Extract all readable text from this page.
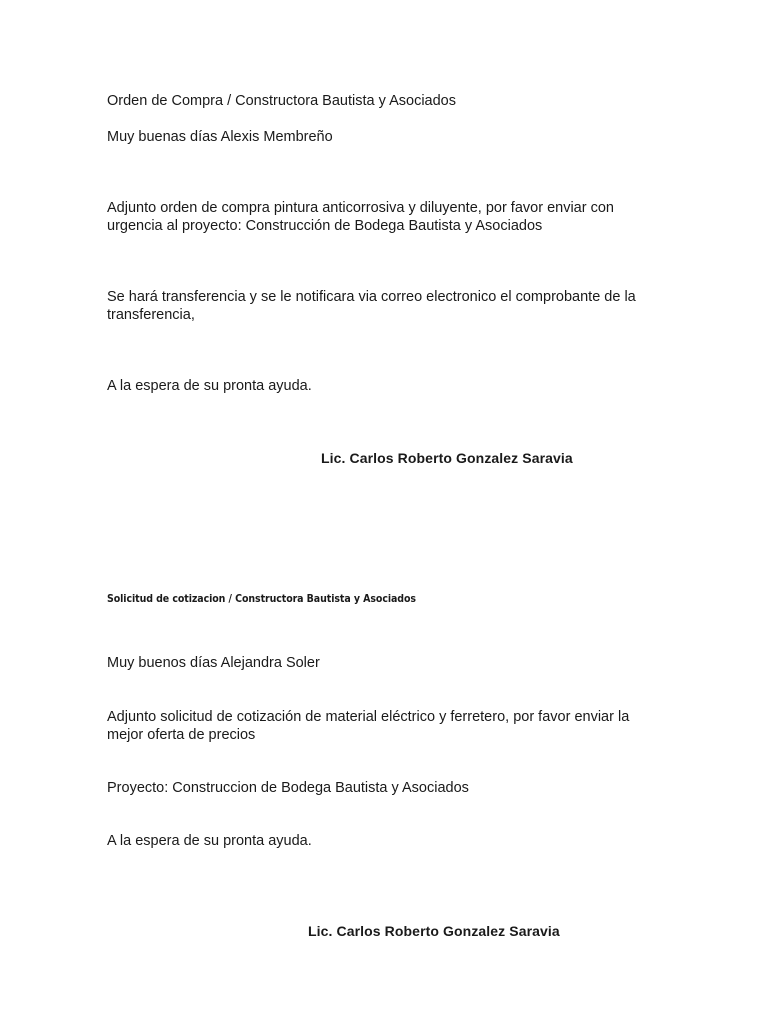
Orden de Compra / Constructora Bautista y Asociados

Muy buenas días Alexis Membreño

Adjunto orden de compra pintura anticorrosiva y diluyente, por favor enviar con urgencia al proyecto: Construcción de Bodega Bautista y Asociados

Se hará transferencia y se le notificara via correo electronico el comprobante de la transferencia,

A la espera de su pronta ayuda.

Lic. Carlos Roberto Gonzalez Saravia

Solicitud de cotizacion / Constructora Bautista y Asociados

Muy buenos días Alejandra Soler

Adjunto solicitud de cotización de material eléctrico y ferretero, por favor enviar la mejor oferta de precios

Proyecto: Construccion de Bodega Bautista y Asociados

A la espera de su pronta ayuda.

Lic. Carlos Roberto Gonzalez Saravia
